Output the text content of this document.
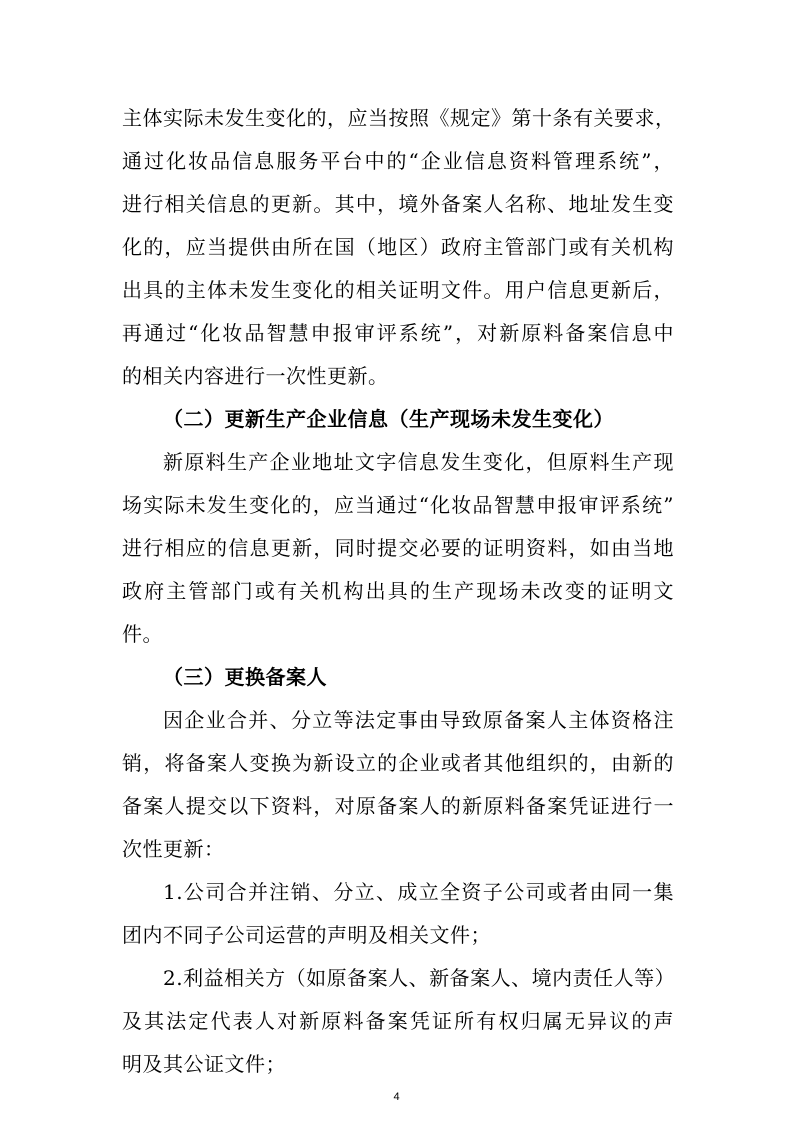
主体实际未发生变化的，应当按照《规定》第十条有关要求，
通过化妆品信息服务平台中的“企业信息资料管理系统”，
进行相关信息的更新。其中，境外备案人名称、地址发生变
化的，应当提供由所在国（地区）政府主管部门或有关机构
出具的主体未发生变化的相关证明文件。用户信息更新后，
再通过“化妆品智慧申报审评系统”，对新原料备案信息中
的相关内容进行一次性更新。
（二）更新生产企业信息（生产现场未发生变化）
新原料生产企业地址文字信息发生变化，但原料生产现
场实际未发生变化的，应当通过“化妆品智慧申报审评系统”
进行相应的信息更新，同时提交必要的证明资料，如由当地
政府主管部门或有关机构出具的生产现场未改变的证明文
件。
（三）更换备案人
因企业合并、分立等法定事由导致原备案人主体资格注
销，将备案人变换为新设立的企业或者其他组织的，由新的
备案人提交以下资料，对原备案人的新原料备案凭证进行一
次性更新：
1.公司合并注销、分立、成立全资子公司或者由同一集
团内不同子公司运营的声明及相关文件；
2.利益相关方（如原备案人、新备案人、境内责任人等）
及其法定代表人对新原料备案凭证所有权归属无异议的声
明及其公证文件；
4
